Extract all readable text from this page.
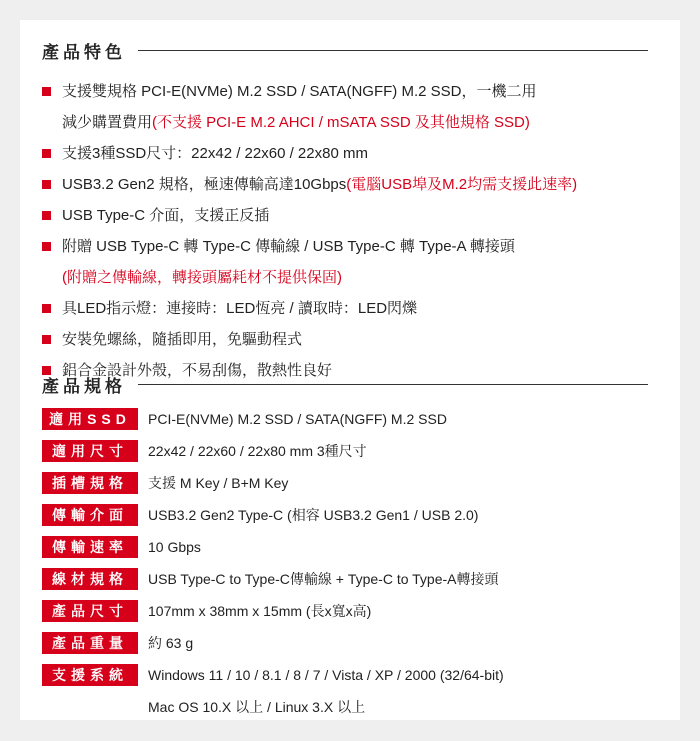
產品特色
支援雙規格 PCI-E(NVMe) M.2 SSD / SATA(NGFF) M.2 SSD，一機二用
減少購置費用(不支援 PCI-E M.2 AHCI / mSATA SSD 及其他規格 SSD)
支援3種SSD尺寸：22x42 / 22x60 / 22x80 mm
USB3.2 Gen2 規格，極速傳輸高達10Gbps(電腦USB埠及M.2均需支援此速率)
USB Type-C 介面，支援正反插
附贈 USB Type-C 轉 Type-C 傳輸線 / USB Type-C 轉 Type-A 轉接頭
(附贈之傳輸線，轉接頭屬耗材不提供保固)
具LED指示燈：連接時：LED恆亮 / 讀取時：LED閃爍
安裝免螺絲，隨插即用，免驅動程式
鋁合金設計外殼，不易刮傷，散熱性良好
產品規格
適用SSD	PCI-E(NVMe) M.2 SSD / SATA(NGFF) M.2 SSD
適用尺寸	22x42 / 22x60 / 22x80 mm 3種尺寸
插槽規格	支援 M Key / B+M Key
傳輸介面	USB3.2 Gen2 Type-C (相容 USB3.2 Gen1 / USB 2.0)
傳輸速率	10 Gbps
線材規格	USB Type-C to Type-C傳輸線 + Type-C to Type-A轉接頭
產品尺寸	107mm x 38mm x 15mm (長x寬x高)
產品重量	約 63 g
支援系統	Windows 11 / 10 / 8.1 / 8 / 7 / Vista / XP / 2000 (32/64-bit)
Mac OS 10.X 以上 / Linux 3.X 以上
